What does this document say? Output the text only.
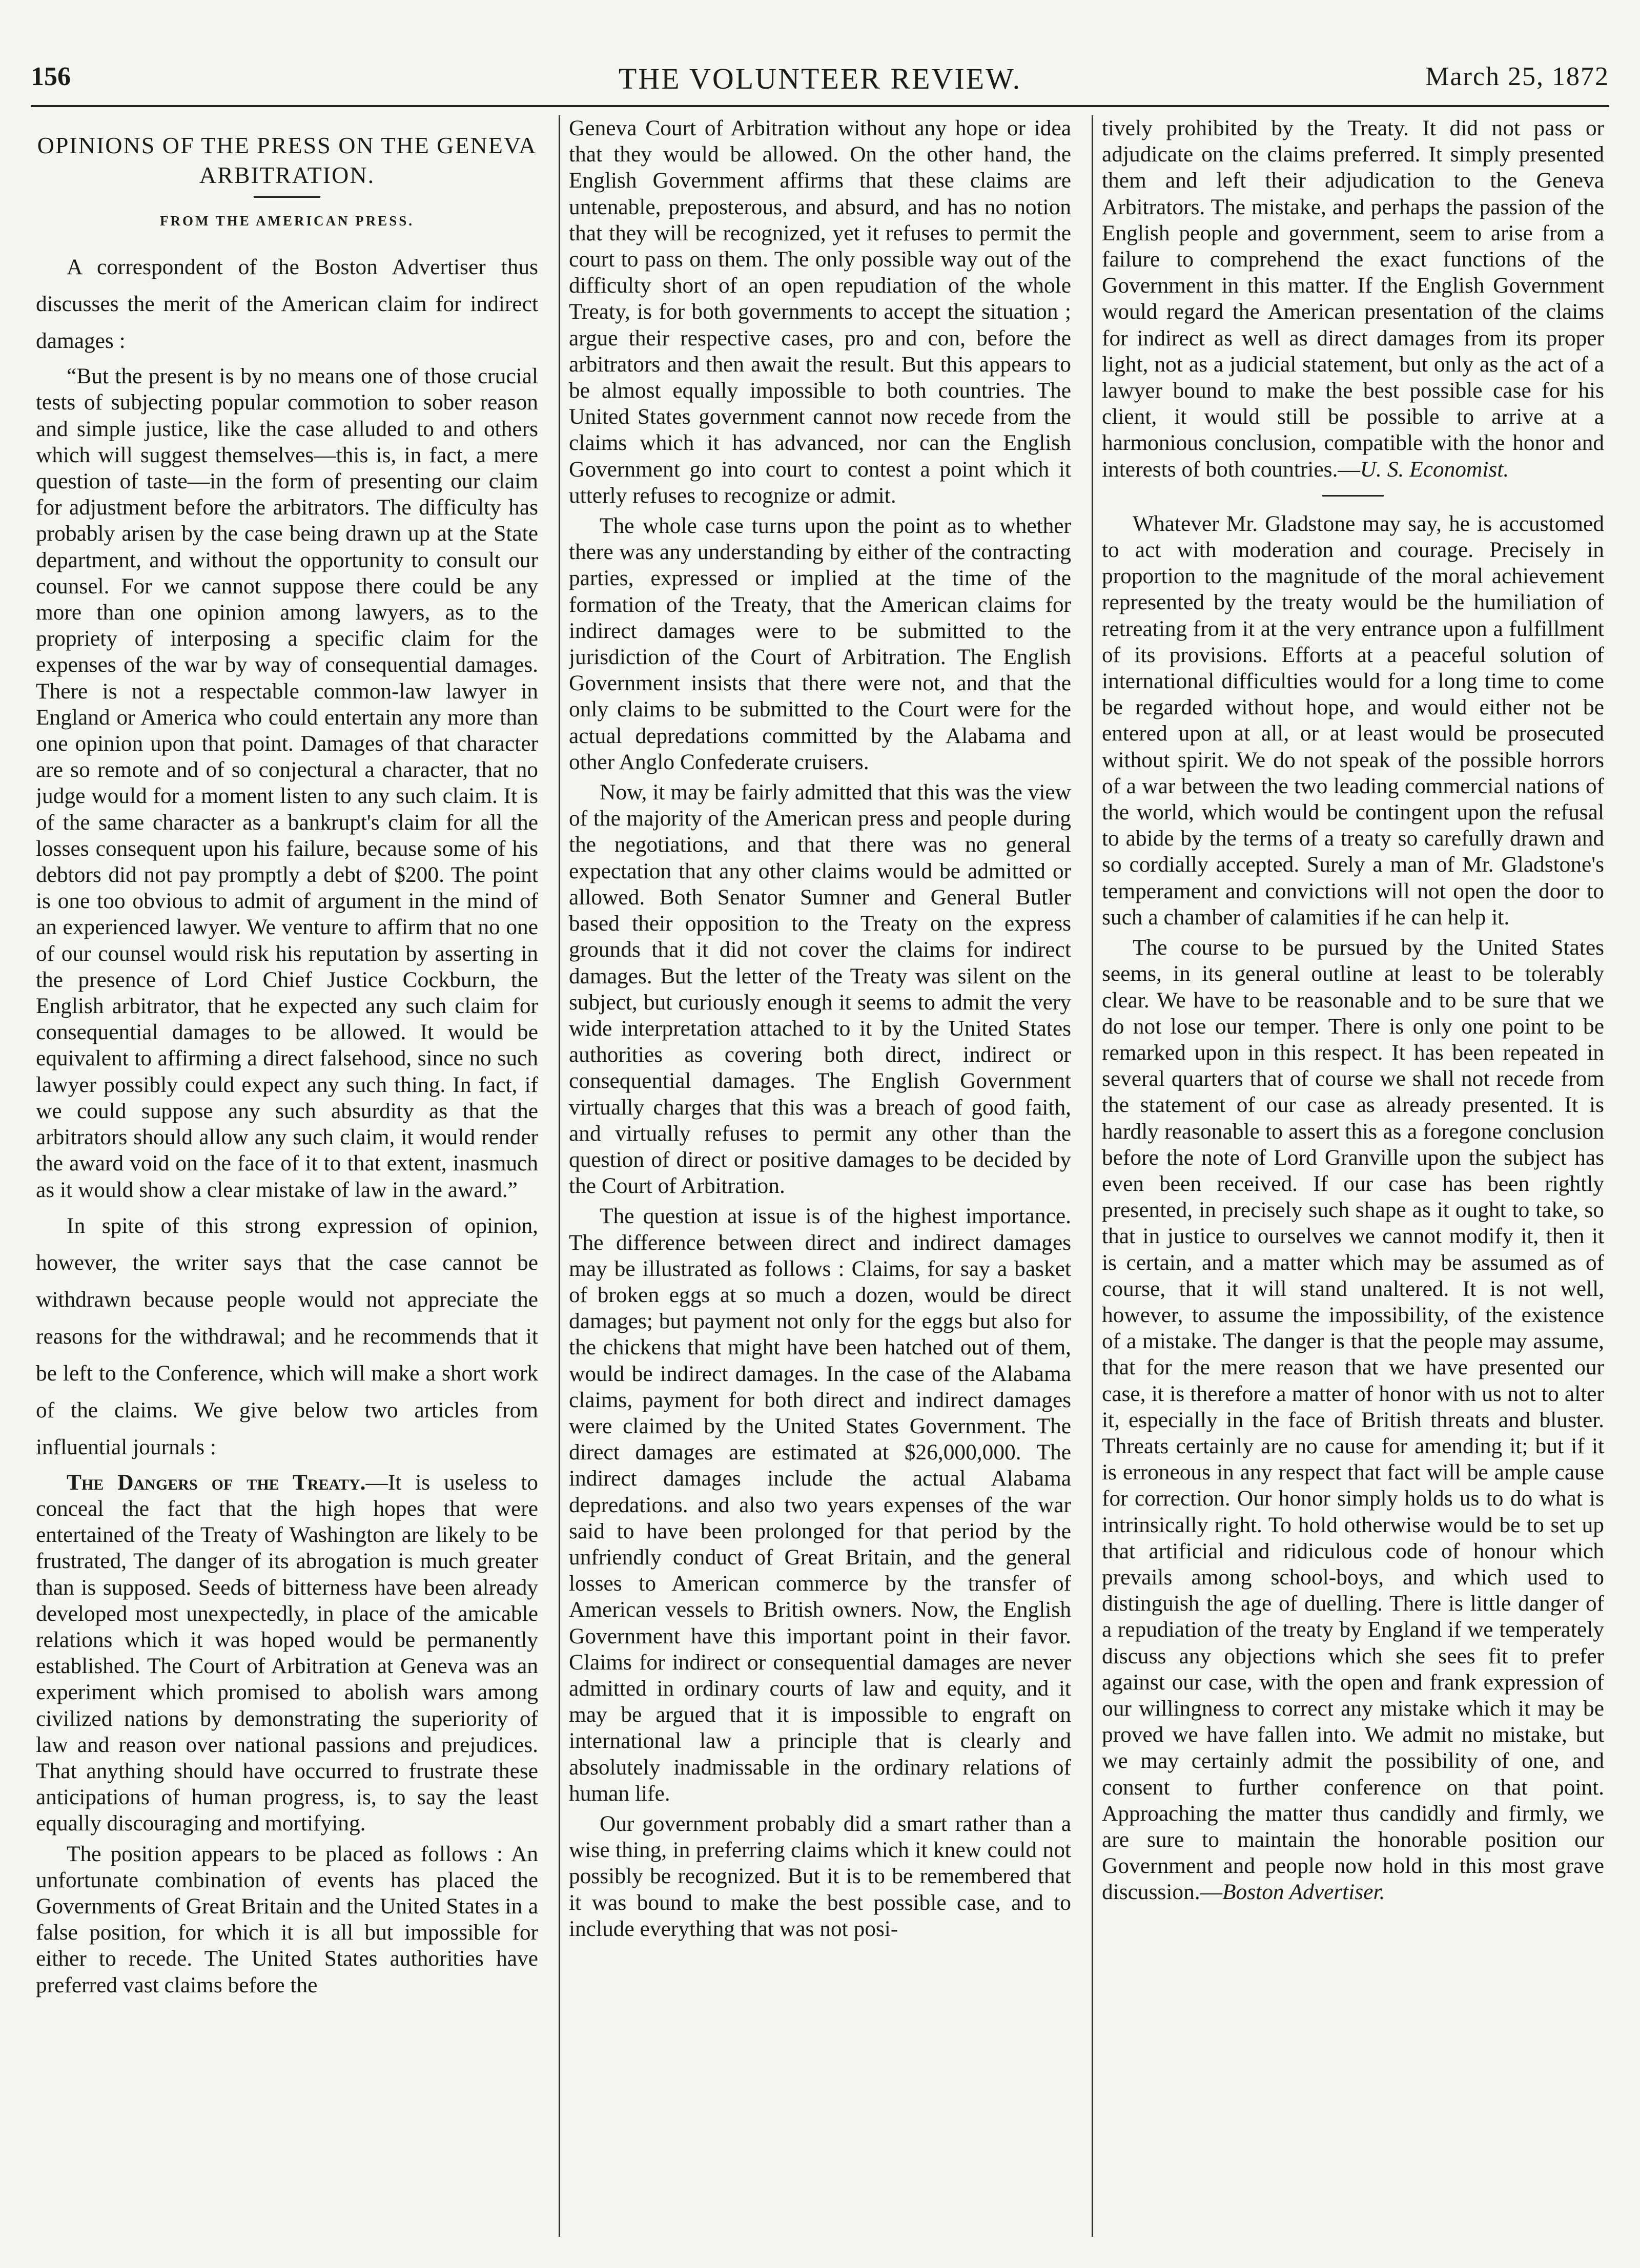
156	THE VOLUNTEER REVIEW.	March 25, 1872
OPINIONS OF THE PRESS ON THE GENEVA ARBITRATION.
FROM THE AMERICAN PRESS.

A correspondent of the Boston Advertiser thus discusses the merit of the American claim for indirect damages :

“But the present is by no means one of those crucial tests of subjecting popular commotion to sober reason and simple justice, like the case alluded to and others which will suggest themselves—this is, in fact, a mere question of taste—in the form of presenting our claim for adjustment before the arbitrators. The difficulty has probably arisen by the case being drawn up at the State department, and without the opportunity to consult our counsel. For we cannot suppose there could be any more than one opinion among lawyers, as to the propriety of interposing a specific claim for the expenses of the war by way of consequential damages. There is not a respectable common-law lawyer in England or America who could entertain any more than one opinion upon that point. Damages of that character are so remote and of so conjectural a character, that no judge would for a moment listen to any such claim. It is of the same character as a bankrupt's claim for all the losses consequent upon his failure, because some of his debtors did not pay promptly a debt of $200. The point is one too obvious to admit of argument in the mind of an experienced lawyer. We venture to affirm that no one of our counsel would risk his reputation by asserting in the presence of Lord Chief Justice Cockburn, the English arbitrator, that he expected any such claim for consequential damages to be allowed. It would be equivalent to affirming a direct falsehood, since no such lawyer possibly could expect any such thing. In fact, if we could suppose any such absurdity as that the arbitrators should allow any such claim, it would render the award void on the face of it to that extent, inasmuch as it would show a clear mistake of law in the award.”

In spite of this strong expression of opinion, however, the writer says that the case cannot be withdrawn because people would not appreciate the reasons for the withdrawal; and he recommends that it be left to the Conference, which will make a short work of the claims. We give below two articles from influential journals :

The Dangers of the Treaty.—It is useless to conceal the fact that the high hopes that were entertained of the Treaty of Washington are likely to be frustrated, The danger of its abrogation is much greater than is supposed. Seeds of bitterness have been already developed most unexpectedly, in place of the amicable relations which it was hoped would be permanently established. The Court of Arbitration at Geneva was an experiment which promised to abolish wars among civilized nations by demonstrating the superiority of law and reason over national passions and prejudices. That anything should have occurred to frustrate these anticipations of human progress, is, to say the least equally discouraging and mortifying.

The position appears to be placed as follows : An unfortunate combination of events has placed the Governments of Great Britain and the United States in a false position, for which it is all but impossible for either to recede. The United States authorities have preferred vast claims before the

Geneva Court of Arbitration without any hope or idea that they would be allowed. On the other hand, the English Government affirms that these claims are untenable, preposterous, and absurd, and has no notion that they will be recognized, yet it refuses to permit the court to pass on them. The only possible way out of the difficulty short of an open repudiation of the whole Treaty, is for both governments to accept the situation ; argue their respective cases, pro and con, before the arbitrators and then await the result. But this appears to be almost equally impossible to both countries. The United States government cannot now recede from the claims which it has advanced, nor can the English Government go into court to contest a point which it utterly refuses to recognize or admit.

The whole case turns upon the point as to whether there was any understanding by either of the contracting parties, expressed or implied at the time of the formation of the Treaty, that the American claims for indirect damages were to be submitted to the jurisdiction of the Court of Arbitration. The English Government insists that there were not, and that the only claims to be submitted to the Court were for the actual depredations committed by the Alabama and other Anglo Confederate cruisers.

Now, it may be fairly admitted that this was the view of the majority of the American press and people during the negotiations, and that there was no general expectation that any other claims would be admitted or allowed. Both Senator Sumner and General Butler based their opposition to the Treaty on the express grounds that it did not cover the claims for indirect damages. But the letter of the Treaty was silent on the subject, but curiously enough it seems to admit the very wide interpretation attached to it by the United States authorities as covering both direct, indirect or consequential damages. The English Government virtually charges that this was a breach of good faith, and virtually refuses to permit any other than the question of direct or positive damages to be decided by the Court of Arbitration.

The question at issue is of the highest importance. The difference between direct and indirect damages may be illustrated as follows : Claims, for say a basket of broken eggs at so much a dozen, would be direct damages; but payment not only for the eggs but also for the chickens that might have been hatched out of them, would be indirect damages. In the case of the Alabama claims, payment for both direct and indirect damages were claimed by the United States Government. The direct damages are estimated at $26,000,000. The indirect damages include the actual Alabama depredations. and also two years expenses of the war said to have been prolonged for that period by the unfriendly conduct of Great Britain, and the general losses to American commerce by the transfer of American vessels to British owners. Now, the English Government have this important point in their favor. Claims for indirect or consequential damages are never admitted in ordinary courts of law and equity, and it may be argued that it is impossible to engraft on international law a principle that is clearly and absolutely inadmissable in the ordinary relations of human life.

Our government probably did a smart rather than a wise thing, in preferring claims which it knew could not possibly be recognized. But it is to be remembered that it was bound to make the best possible case, and to include everything that was not posi-

tively prohibited by the Treaty. It did not pass or adjudicate on the claims preferred. It simply presented them and left their adjudication to the Geneva Arbitrators. The mistake, and perhaps the passion of the English people and government, seem to arise from a failure to comprehend the exact functions of the Government in this matter. If the English Government would regard the American presentation of the claims for indirect as well as direct damages from its proper light, not as a judicial statement, but only as the act of a lawyer bound to make the best possible case for his client, it would still be possible to arrive at a harmonious conclusion, compatible with the honor and interests of both countries.—U. S. Economist.

Whatever Mr. Gladstone may say, he is accustomed to act with moderation and courage. Precisely in proportion to the magnitude of the moral achievement represented by the treaty would be the humiliation of retreating from it at the very entrance upon a fulfillment of its provisions. Efforts at a peaceful solution of international difficulties would for a long time to come be regarded without hope, and would either not be entered upon at all, or at least would be prosecuted without spirit. We do not speak of the possible horrors of a war between the two leading commercial nations of the world, which would be contingent upon the refusal to abide by the terms of a treaty so carefully drawn and so cordially accepted. Surely a man of Mr. Gladstone's temperament and convictions will not open the door to such a chamber of calamities if he can help it.

The course to be pursued by the United States seems, in its general outline at least to be tolerably clear. We have to be reasonable and to be sure that we do not lose our temper. There is only one point to be remarked upon in this respect. It has been repeated in several quarters that of course we shall not recede from the statement of our case as already presented. It is hardly reasonable to assert this as a foregone conclusion before the note of Lord Granville upon the subject has even been received. If our case has been rightly presented, in precisely such shape as it ought to take, so that in justice to ourselves we cannot modify it, then it is certain, and a matter which may be assumed as of course, that it will stand unaltered. It is not well, however, to assume the impossibility, of the existence of a mistake. The danger is that the people may assume, that for the mere reason that we have presented our case, it is therefore a matter of honor with us not to alter it, especially in the face of British threats and bluster. Threats certainly are no cause for amending it; but if it is erroneous in any respect that fact will be ample cause for correction. Our honor simply holds us to do what is intrinsically right. To hold otherwise would be to set up that artificial and ridiculous code of honour which prevails among school-boys, and which used to distinguish the age of duelling. There is little danger of a repudiation of the treaty by England if we temperately discuss any objections which she sees fit to prefer against our case, with the open and frank expression of our willingness to correct any mistake which it may be proved we have fallen into. We admit no mistake, but we may certainly admit the possibility of one, and consent to further conference on that point. Approaching the matter thus candidly and firmly, we are sure to maintain the honorable position our Government and people now hold in this most grave discussion.—Boston Advertiser.
